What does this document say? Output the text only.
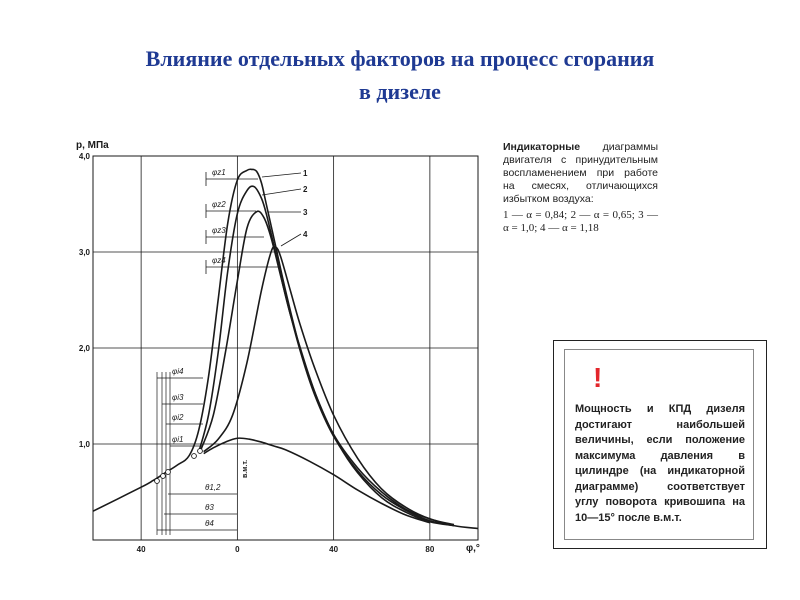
Влияние отдельных факторов на процесс сгорания
в дизеле
40	0	40	80
1,0
2,0
3,0
4,0
1
2
3
4
φz1
φz2
φz3
φz4
φi4
φi3
φi2
φi1
θ1,2
θ3
θ4
p, МПа
φ,°
в.м.т.
Индикаторные диаграммы двигателя с принудительным воспламенением при работе на смесях, отличающихся избытком воздуха:
1 — α = 0,84; 2 — α = 0,65; 3 — α = 1,0; 4 — α = 1,18
!
Мощность и КПД дизеля достигают наибольшей величины, если положение максимума давления в цилиндре (на индикаторной диаграмме) соответствует углу поворота кривошипа на 10—15° после в.м.т.
